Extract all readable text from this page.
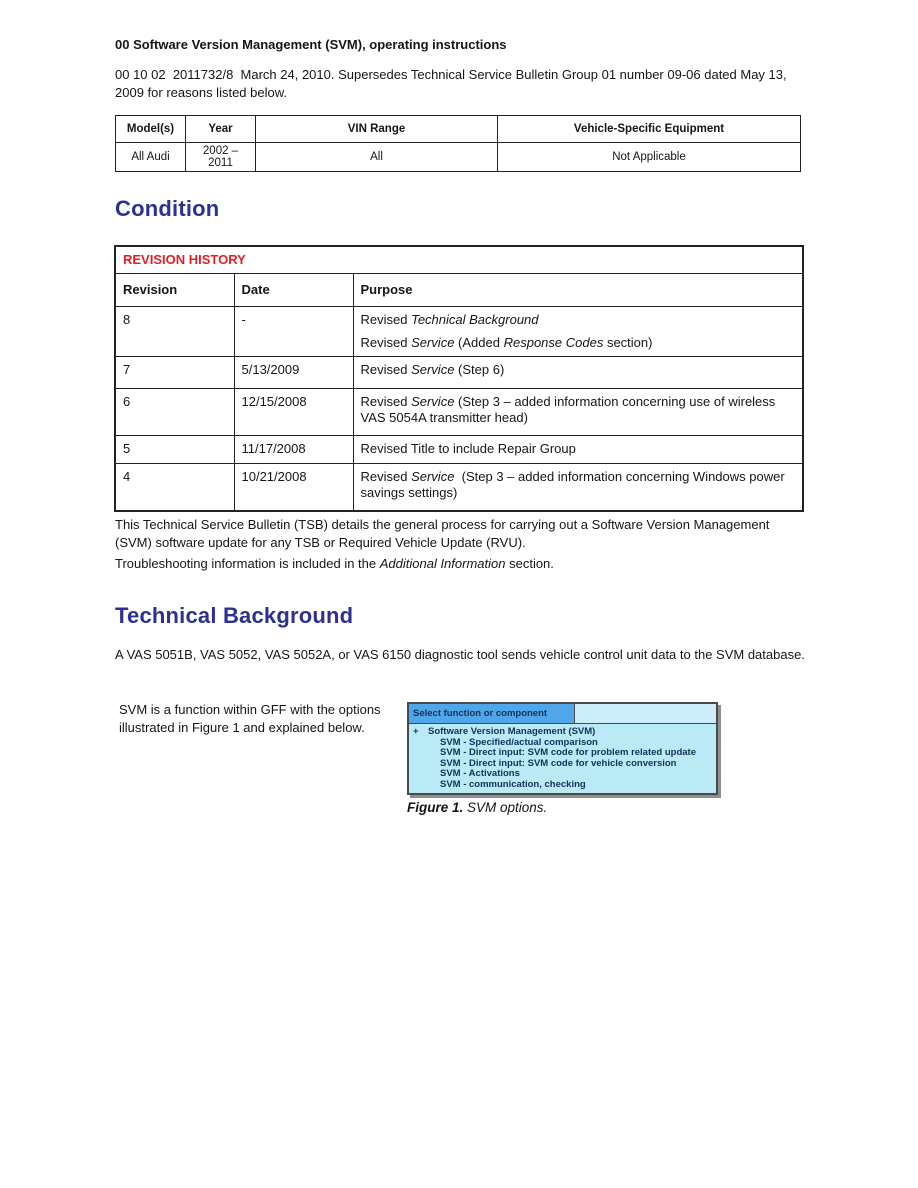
00 Software Version Management (SVM), operating instructions

00 10 02  2011732/8  March 24, 2010. Supersedes Technical Service Bulletin Group 01 number 09-06 dated May 13, 2009 for reasons listed below.

Model(s)	Year	VIN Range	Vehicle-Specific Equipment
All Audi	2002 – 2011	All	Not Applicable
Condition
REVISION HISTORY		
Revision	Date	Purpose
8	-	Revised Technical Background
Revised Service (Added Response Codes section)

7	5/13/2009	Revised Service (Step 6)

6	12/15/2008	Revised Service (Step 3 – added information concerning use of wireless VAS 5054A transmitter head)

5	11/17/2008	Revised Title to include Repair Group

4	10/21/2008	Revised Service  (Step 3 – added information concerning Windows power savings settings)

This Technical Service Bulletin (TSB) details the general process for carrying out a Software Version Management (SVM) software update for any TSB or Required Vehicle Update (RVU).

Troubleshooting information is included in the Additional Information section.

Technical Background

A VAS 5051B, VAS 5052, VAS 5052A, or VAS 6150 diagnostic tool sends vehicle control unit data to the SVM database.

SVM is a function within GFF with the options illustrated in Figure 1 and explained below.

Select function or component
+ Software Version Management (SVM)
SVM - Specified/actual comparison
SVM - Direct input: SVM code for problem related update
SVM - Direct input: SVM code for vehicle conversion
SVM - Activations
SVM - communication, checking

Figure 1. SVM options.
